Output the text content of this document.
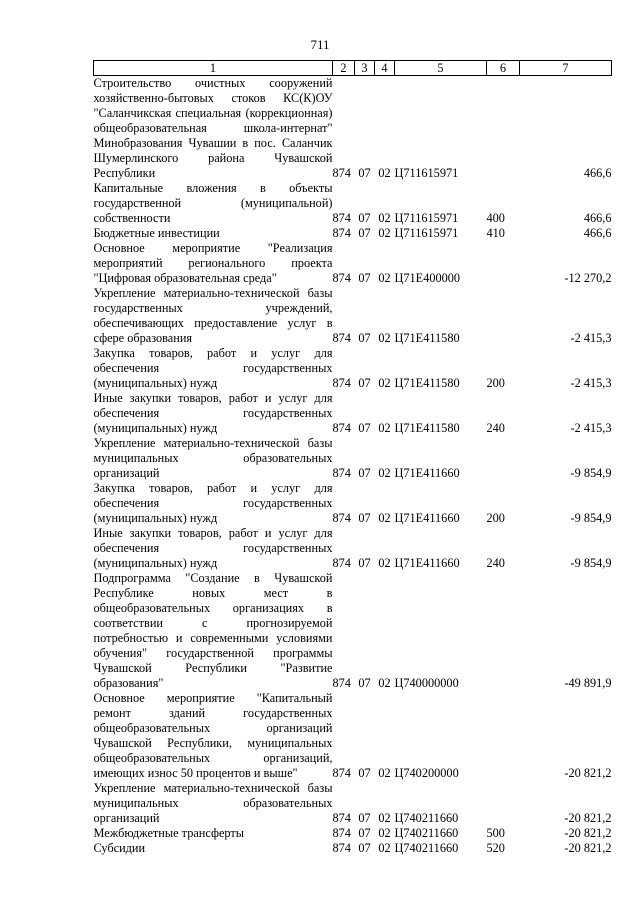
711
1	2	3	4	5	6	7
Строительство очистных сооружений хозяйственно-бытовых стоков КС(К)ОУ "Саланчикская специальная (коррекционная) общеобразовательная школа-интернат" Минобразования Чувашии в пос. Саланчик Шумерлинского района Чувашской Республики	874	07	02	Ц711615971		466,6
Капитальные вложения в объекты государственной (муниципальной) собственности	874	07	02	Ц711615971	400	466,6
Бюджетные инвестиции	874	07	02	Ц711615971	410	466,6
Основное мероприятие "Реализация мероприятий регионального проекта "Цифровая образовательная среда"	874	07	02	Ц71Е400000		-12 270,2
Укрепление материально-технической базы государственных учреждений, обеспечивающих предоставление услуг в сфере образования	874	07	02	Ц71Е411580		-2 415,3
Закупка товаров, работ и услуг для обеспечения государственных (муниципальных) нужд	874	07	02	Ц71Е411580	200	-2 415,3
Иные закупки товаров, работ и услуг для обеспечения государственных (муниципальных) нужд	874	07	02	Ц71Е411580	240	-2 415,3
Укрепление материально-технической базы муниципальных образовательных организаций	874	07	02	Ц71Е411660		-9 854,9
Закупка товаров, работ и услуг для обеспечения государственных (муниципальных) нужд	874	07	02	Ц71Е411660	200	-9 854,9
Иные закупки товаров, работ и услуг для обеспечения государственных (муниципальных) нужд	874	07	02	Ц71Е411660	240	-9 854,9
Подпрограмма "Создание в Чувашской Республике новых мест в общеобразовательных организациях в соответствии с прогнозируемой потребностью и современными условиями обучения" государственной программы Чувашской Республики "Развитие образования"	874	07	02	Ц740000000		-49 891,9
Основное мероприятие "Капитальный ремонт зданий государственных общеобразовательных организаций Чувашской Республики, муниципальных общеобразовательных организаций, имеющих износ 50 процентов и выше"	874	07	02	Ц740200000		-20 821,2
Укрепление материально-технической базы муниципальных образовательных организаций	874	07	02	Ц740211660		-20 821,2
Межбюджетные трансферты	874	07	02	Ц740211660	500	-20 821,2
Субсидии	874	07	02	Ц740211660	520	-20 821,2
